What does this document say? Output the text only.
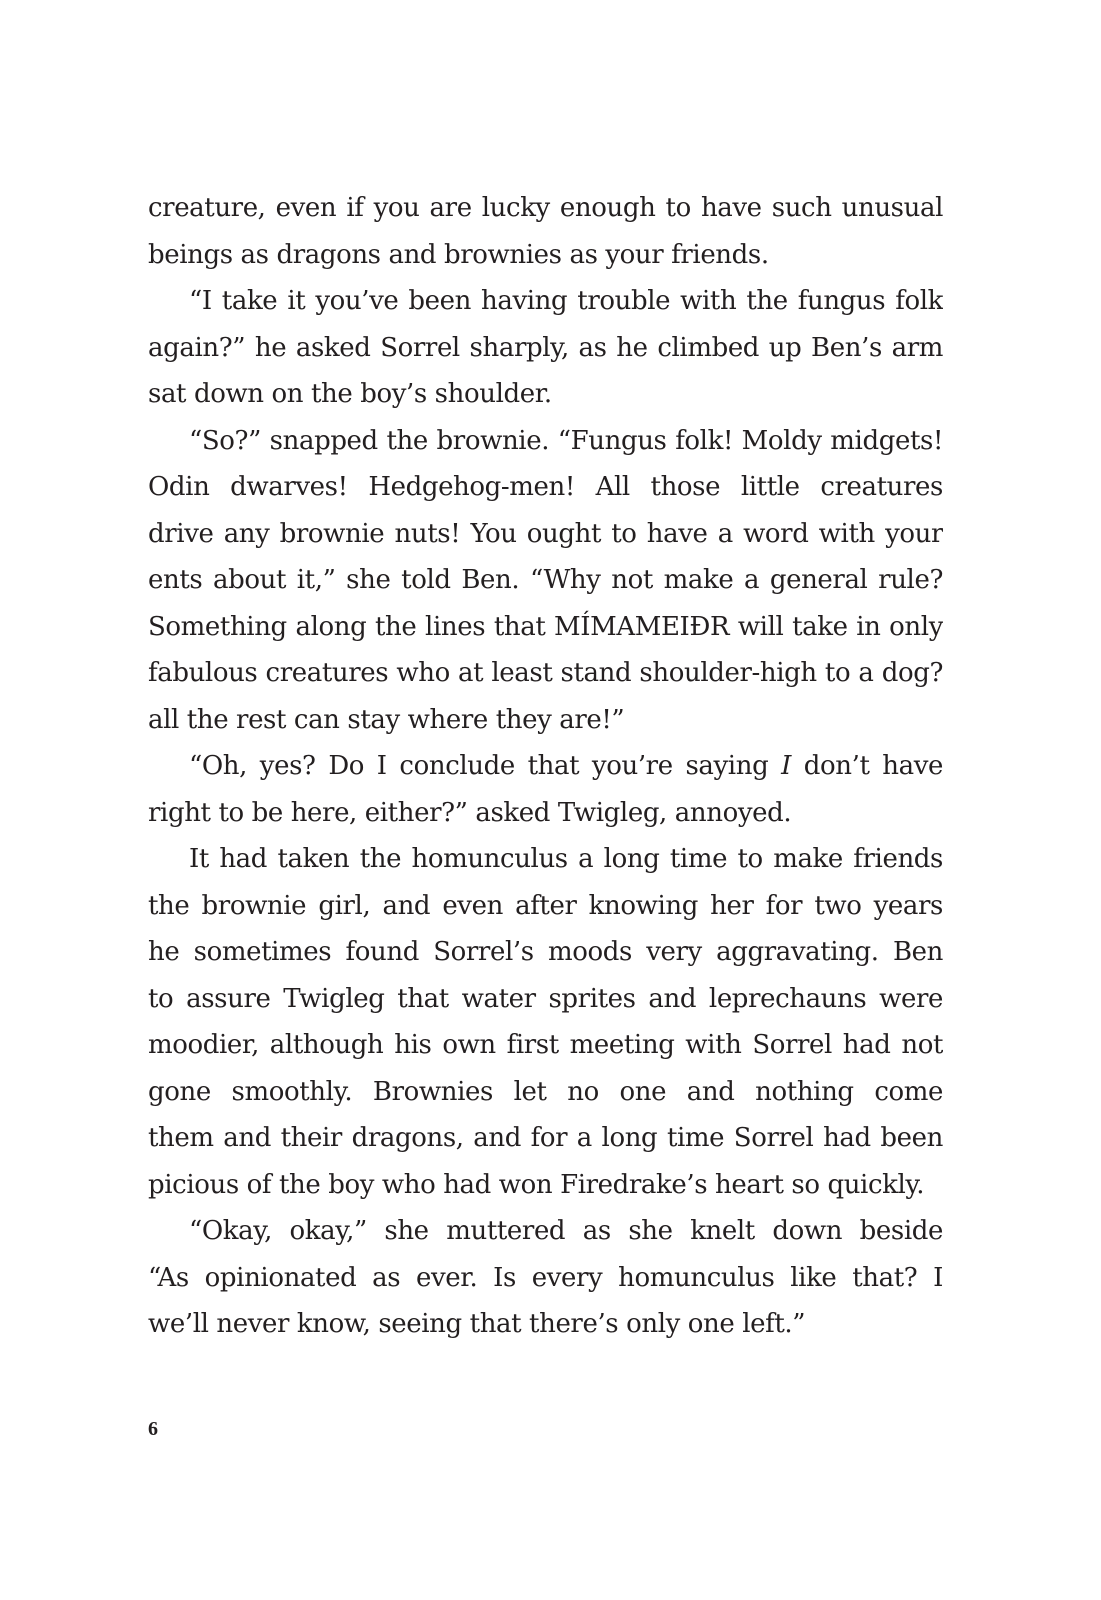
creature, even if you are lucky enough to have such unusual
beings as dragons and brownies as your friends.
“I take it you’ve been having trouble with the fungus folk
again?” he asked Sorrel sharply, as he climbed up Ben’s arm
sat down on the boy’s shoulder.
“So?” snapped the brownie. “Fungus folk! Moldy midgets!
Odin dwarves! Hedgehog-men! All those little creatures
drive any brownie nuts! You ought to have a word with your
ents about it,” she told Ben. “Why not make a general rule?
Something along the lines that MÍMAMEIÐR will take in only
fabulous creatures who at least stand shoulder-high to a dog?
all the rest can stay where they are!”
“Oh, yes? Do I conclude that you’re saying I don’t have
right to be here, either?” asked Twigleg, annoyed.
It had taken the homunculus a long time to make friends
the brownie girl, and even after knowing her for two years
he sometimes found Sorrel’s moods very aggravating. Ben
to assure Twigleg that water sprites and leprechauns were
moodier, although his own first meeting with Sorrel had not
gone smoothly. Brownies let no one and nothing come
them and their dragons, and for a long time Sorrel had been
picious of the boy who had won Firedrake’s heart so quickly.
“Okay, okay,” she muttered as she knelt down beside
“As opinionated as ever. Is every homunculus like that? I
we’ll never know, seeing that there’s only one left.”
6
